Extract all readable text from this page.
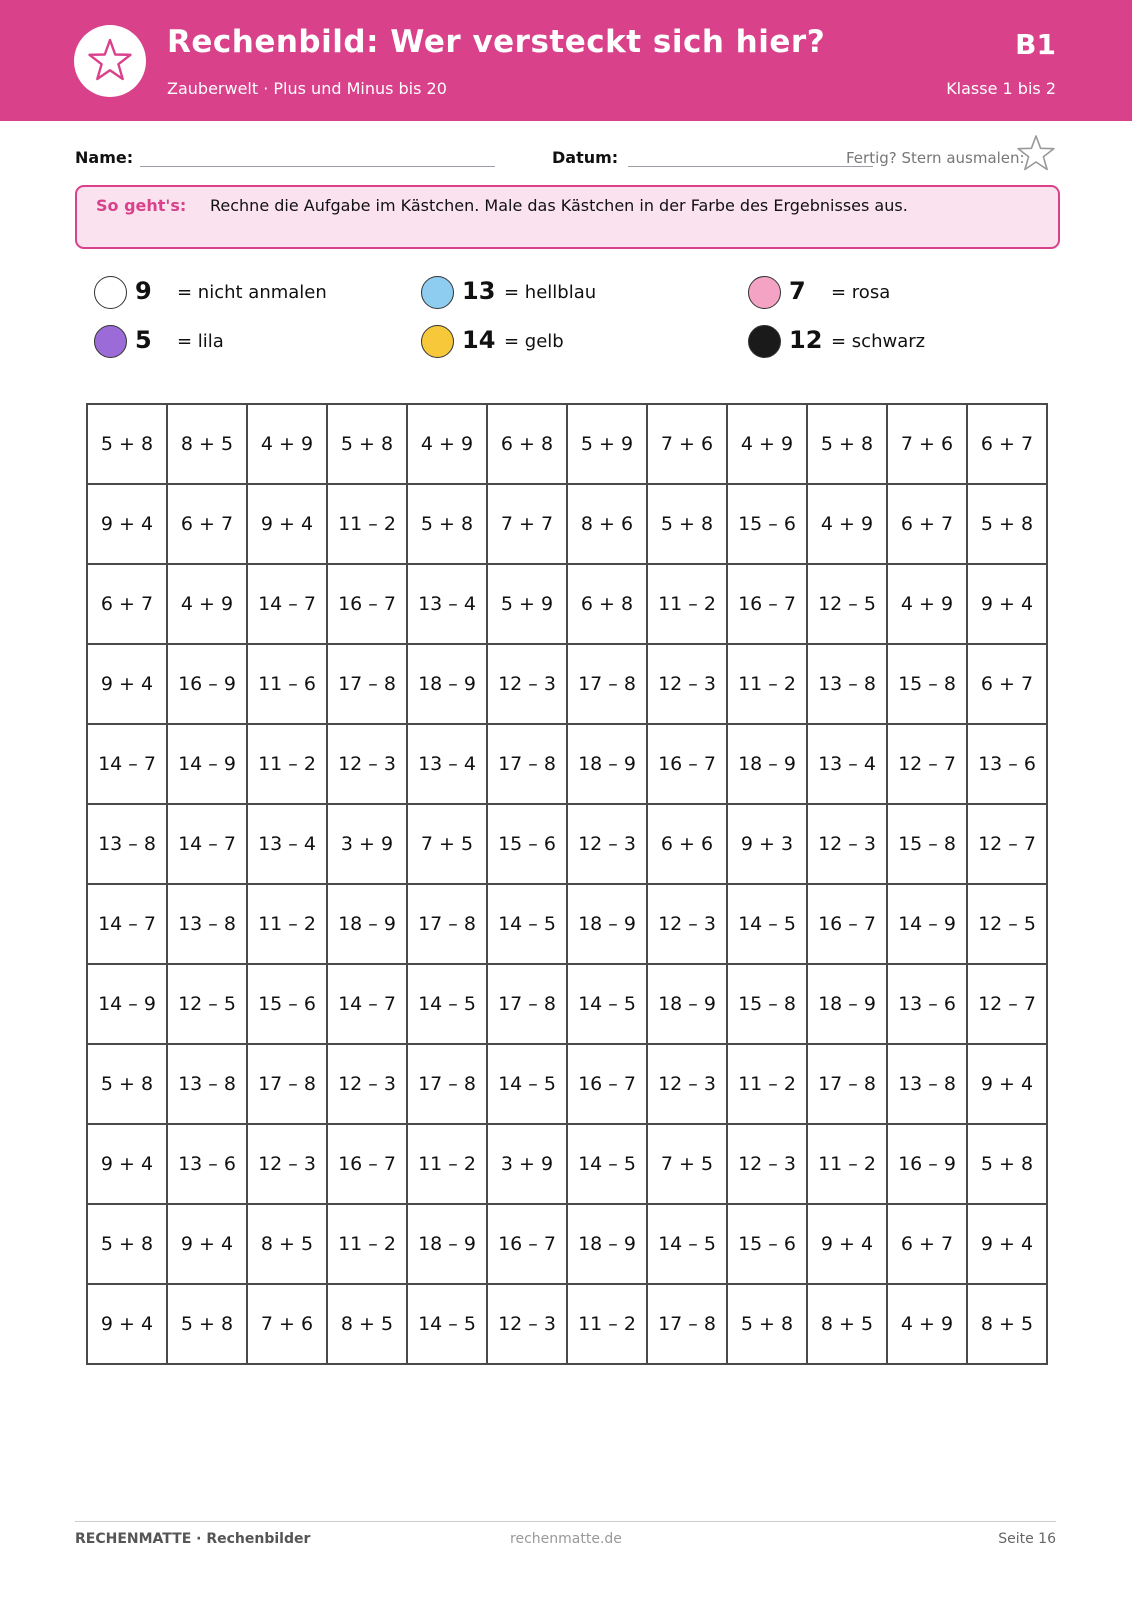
Rechenbild: Wer versteckt sich hier?
Zauberwelt · Plus und Minus bis 20
B1
Klasse 1 bis 2
Name:	Datum:	Fertig? Stern ausmalen:
So geht's: Rechne die Aufgabe im Kästchen. Male das Kästchen in der Farbe des Ergebnisses aus.
9 = nicht anmalen	13 = hellblau	7 = rosa
5 = lila	14 = gelb	12 = schwarz
5 + 8	8 + 5	4 + 9	5 + 8	4 + 9	6 + 8	5 + 9	7 + 6	4 + 9	5 + 8	7 + 6	6 + 7
9 + 4	6 + 7	9 + 4	11 – 2	5 + 8	7 + 7	8 + 6	5 + 8	15 – 6	4 + 9	6 + 7	5 + 8
6 + 7	4 + 9	14 – 7	16 – 7	13 – 4	5 + 9	6 + 8	11 – 2	16 – 7	12 – 5	4 + 9	9 + 4
9 + 4	16 – 9	11 – 6	17 – 8	18 – 9	12 – 3	17 – 8	12 – 3	11 – 2	13 – 8	15 – 8	6 + 7
14 – 7	14 – 9	11 – 2	12 – 3	13 – 4	17 – 8	18 – 9	16 – 7	18 – 9	13 – 4	12 – 7	13 – 6
13 – 8	14 – 7	13 – 4	3 + 9	7 + 5	15 – 6	12 – 3	6 + 6	9 + 3	12 – 3	15 – 8	12 – 7
14 – 7	13 – 8	11 – 2	18 – 9	17 – 8	14 – 5	18 – 9	12 – 3	14 – 5	16 – 7	14 – 9	12 – 5
14 – 9	12 – 5	15 – 6	14 – 7	14 – 5	17 – 8	14 – 5	18 – 9	15 – 8	18 – 9	13 – 6	12 – 7
5 + 8	13 – 8	17 – 8	12 – 3	17 – 8	14 – 5	16 – 7	12 – 3	11 – 2	17 – 8	13 – 8	9 + 4
9 + 4	13 – 6	12 – 3	16 – 7	11 – 2	3 + 9	14 – 5	7 + 5	12 – 3	11 – 2	16 – 9	5 + 8
5 + 8	9 + 4	8 + 5	11 – 2	18 – 9	16 – 7	18 – 9	14 – 5	15 – 6	9 + 4	6 + 7	9 + 4
9 + 4	5 + 8	7 + 6	8 + 5	14 – 5	12 – 3	11 – 2	17 – 8	5 + 8	8 + 5	4 + 9	8 + 5
RECHENMATTE · Rechenbilder	rechenmatte.de	Seite 16
